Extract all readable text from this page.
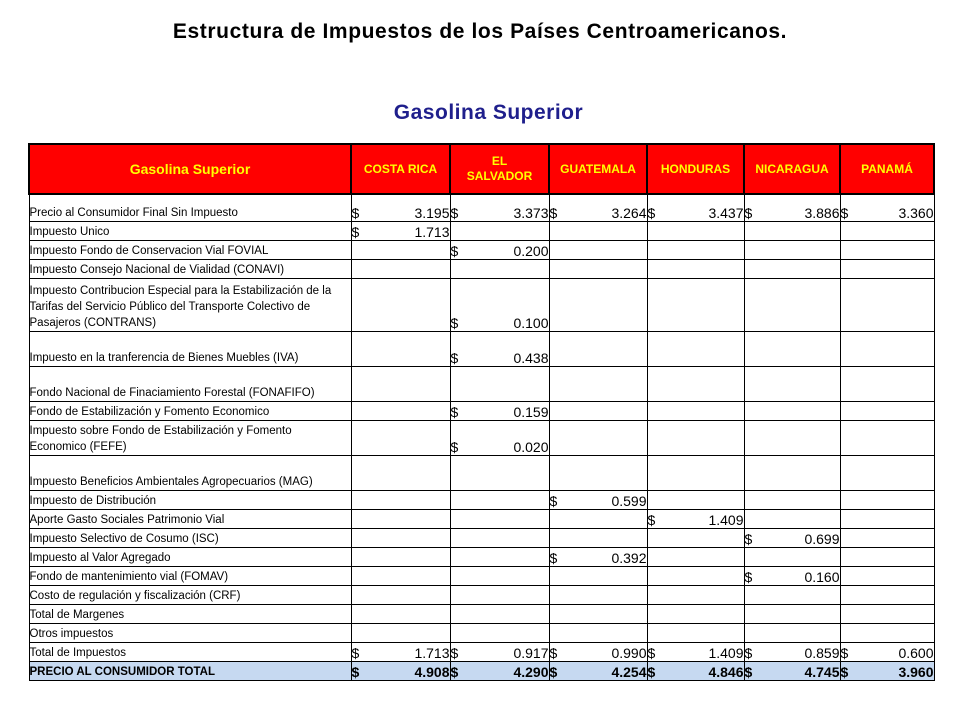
Estructura de Impuestos de los Países Centroamericanos.
Gasolina Superior
Gasolina Superior	COSTA RICA	EL SALVADOR	GUATEMALA	HONDURAS	NICARAGUA	PANAMÁ
Precio al Consumidor Final Sin Impuesto	$ 3.195	$ 3.373	$ 3.264	$ 3.437	$ 3.886	$ 3.360

Impuesto Unico	$ 1.713					

Impuesto Fondo de Conservacion Vial FOVIAL		$ 0.200				

Impuesto Consejo Nacional de Vialidad (CONAVI)						
Impuesto Contribucion Especial para la Estabilización de la Tarifas del Servicio Público del Transporte Colectivo de Pasajeros (CONTRANS)		$ 0.100				

Impuesto en la tranferencia de Bienes Muebles (IVA)		$ 0.438				

Fondo Nacional de Finaciamiento Forestal (FONAFIFO)						
Fondo de Estabilización y Fomento Economico		$ 0.159				

Impuesto sobre Fondo de Estabilización y Fomento Economico (FEFE)		$ 0.020				

Impuesto Beneficios Ambientales Agropecuarios (MAG)						
Impuesto de Distribución			$ 0.599			

Aporte Gasto Sociales Patrimonio Vial				$ 1.409		

Impuesto Selectivo de Cosumo (ISC)					$ 0.699	

Impuesto al Valor Agregado			$ 0.392			

Fondo de mantenimiento vial (FOMAV)					$ 0.160	

Costo de regulación y fiscalización (CRF)						
Total de Margenes						
Otros impuestos						
Total de Impuestos	$ 1.713	$ 0.917	$ 0.990	$ 1.409	$ 0.859	$ 0.600

PRECIO AL CONSUMIDOR TOTAL	$ 4.908	$ 4.290	$ 4.254	$ 4.846	$ 4.745	$ 3.960
